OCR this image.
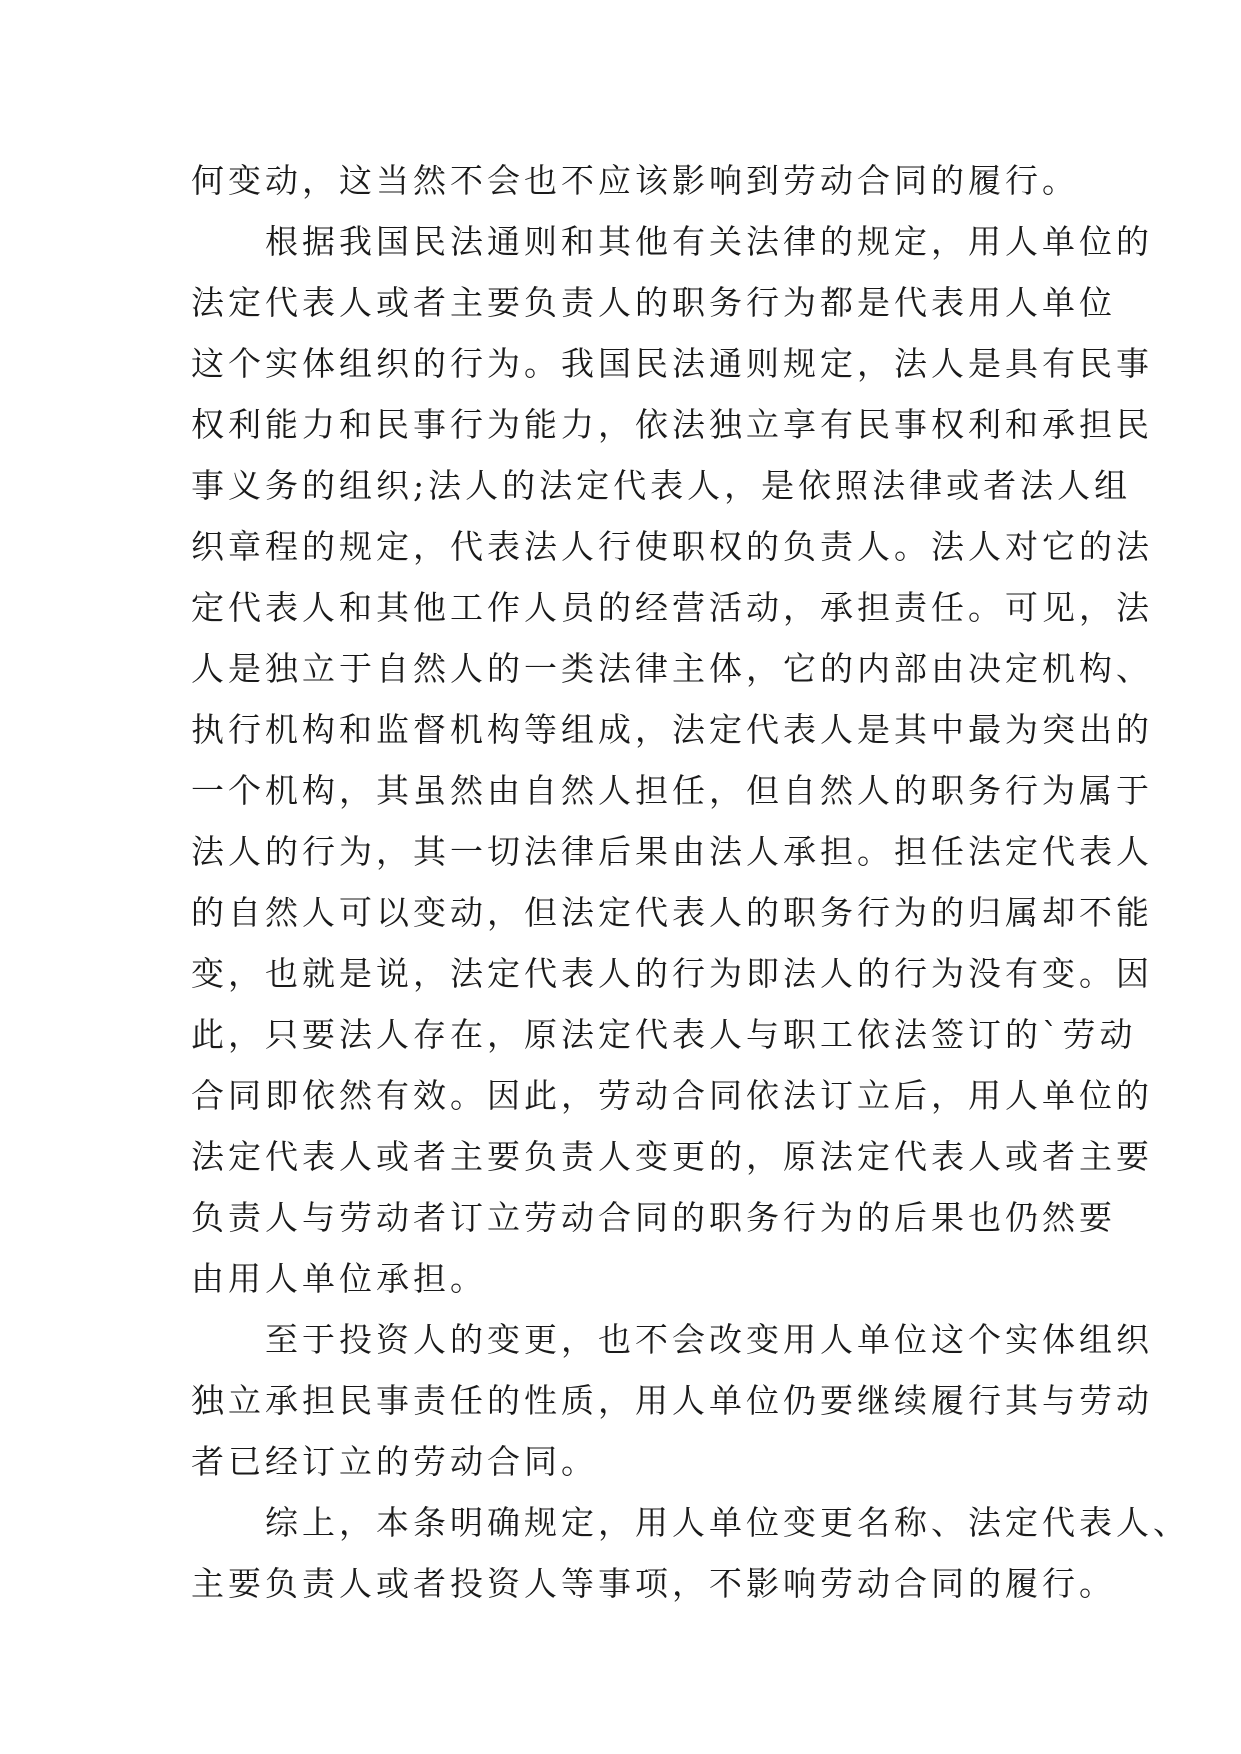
何变动，这当然不会也不应该影响到劳动合同的履行。
　　根据我国民法通则和其他有关法律的规定，用人单位的
法定代表人或者主要负责人的职务行为都是代表用人单位
这个实体组织的行为。我国民法通则规定，法人是具有民事
权利能力和民事行为能力，依法独立享有民事权利和承担民
事义务的组织;法人的法定代表人，是依照法律或者法人组
织章程的规定，代表法人行使职权的负责人。法人对它的法
定代表人和其他工作人员的经营活动，承担责任。可见，法
人是独立于自然人的一类法律主体，它的内部由决定机构、
执行机构和监督机构等组成，法定代表人是其中最为突出的
一个机构，其虽然由自然人担任，但自然人的职务行为属于
法人的行为，其一切法律后果由法人承担。担任法定代表人
的自然人可以变动，但法定代表人的职务行为的归属却不能
变，也就是说，法定代表人的行为即法人的行为没有变。因
此，只要法人存在，原法定代表人与职工依法签订的`劳动
合同即依然有效。因此，劳动合同依法订立后，用人单位的
法定代表人或者主要负责人变更的，原法定代表人或者主要
负责人与劳动者订立劳动合同的职务行为的后果也仍然要
由用人单位承担。
　　至于投资人的变更，也不会改变用人单位这个实体组织
独立承担民事责任的性质，用人单位仍要继续履行其与劳动
者已经订立的劳动合同。
　　综上，本条明确规定，用人单位变更名称、法定代表人、
主要负责人或者投资人等事项，不影响劳动合同的履行。
